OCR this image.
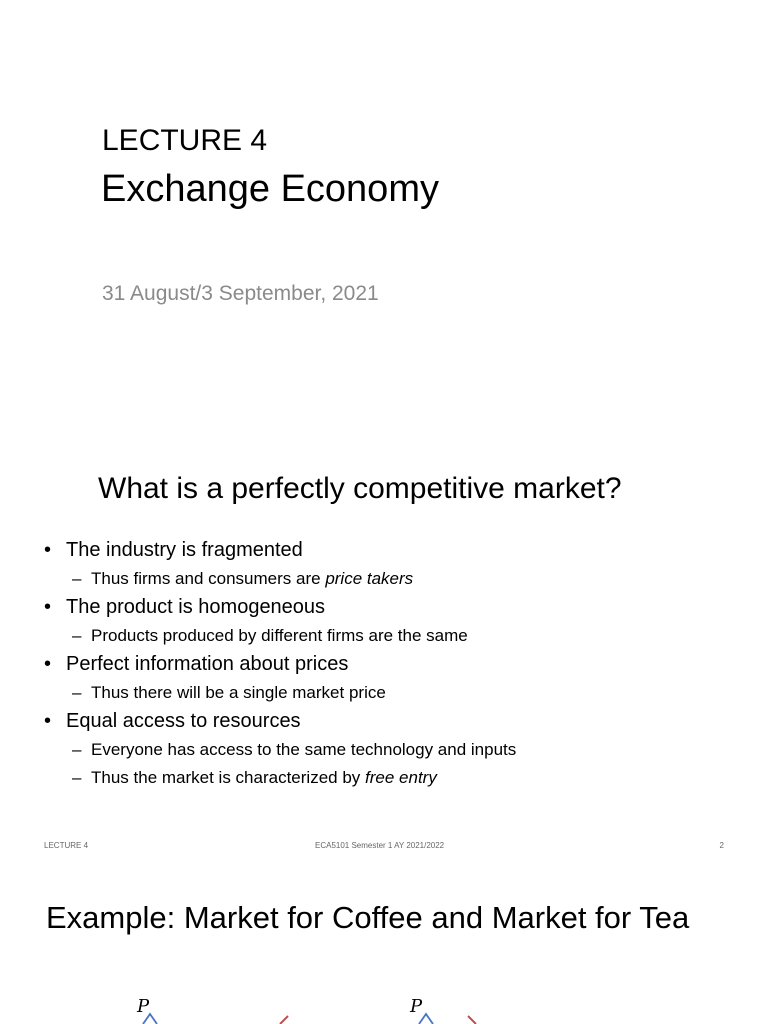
LECTURE 4
Exchange Economy
31 August/3 September, 2021
What is a perfectly competitive market?
• The industry is fragmented
– Thus firms and consumers are price takers
• The product is homogeneous
– Products produced by different firms are the same
• Perfect information about prices
– Thus there will be a single market price
• Equal access to resources
– Everyone has access to the same technology and inputs
– Thus the market is characterized by free entry
LECTURE 4	ECA5101 Semester 1 AY 2021/2022	2
Example: Market for Coffee and Market for Tea
P	P
